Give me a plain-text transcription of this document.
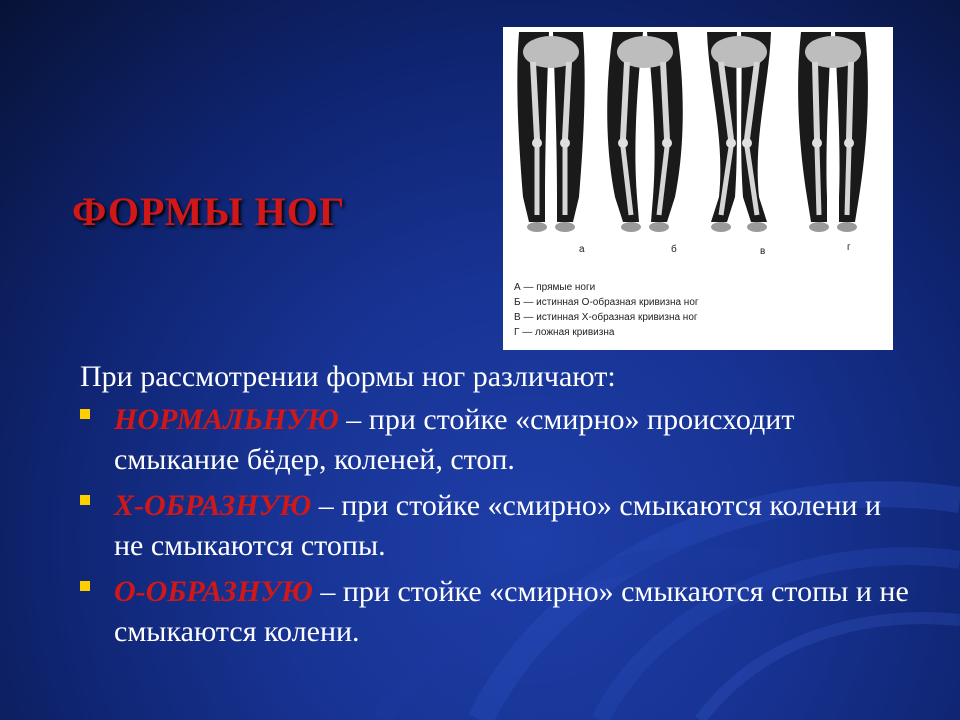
ФОРМЫ НОГ
а	б	в	г
А — прямые ноги
Б — истинная О-образная кривизна ног
В — истинная Х-образная кривизна ног
Г — ложная кривизна
При рассмотрении формы ног различают:
НОРМАЛЬНУЮ – при стойке «смирно» происходит смыкание бёдер, коленей, стоп.
Х-ОБРАЗНУЮ – при стойке «смирно» смыкаются колени и не смыкаются стопы.
О-ОБРАЗНУЮ – при стойке «смирно» смыкаются стопы и не смыкаются колени.
